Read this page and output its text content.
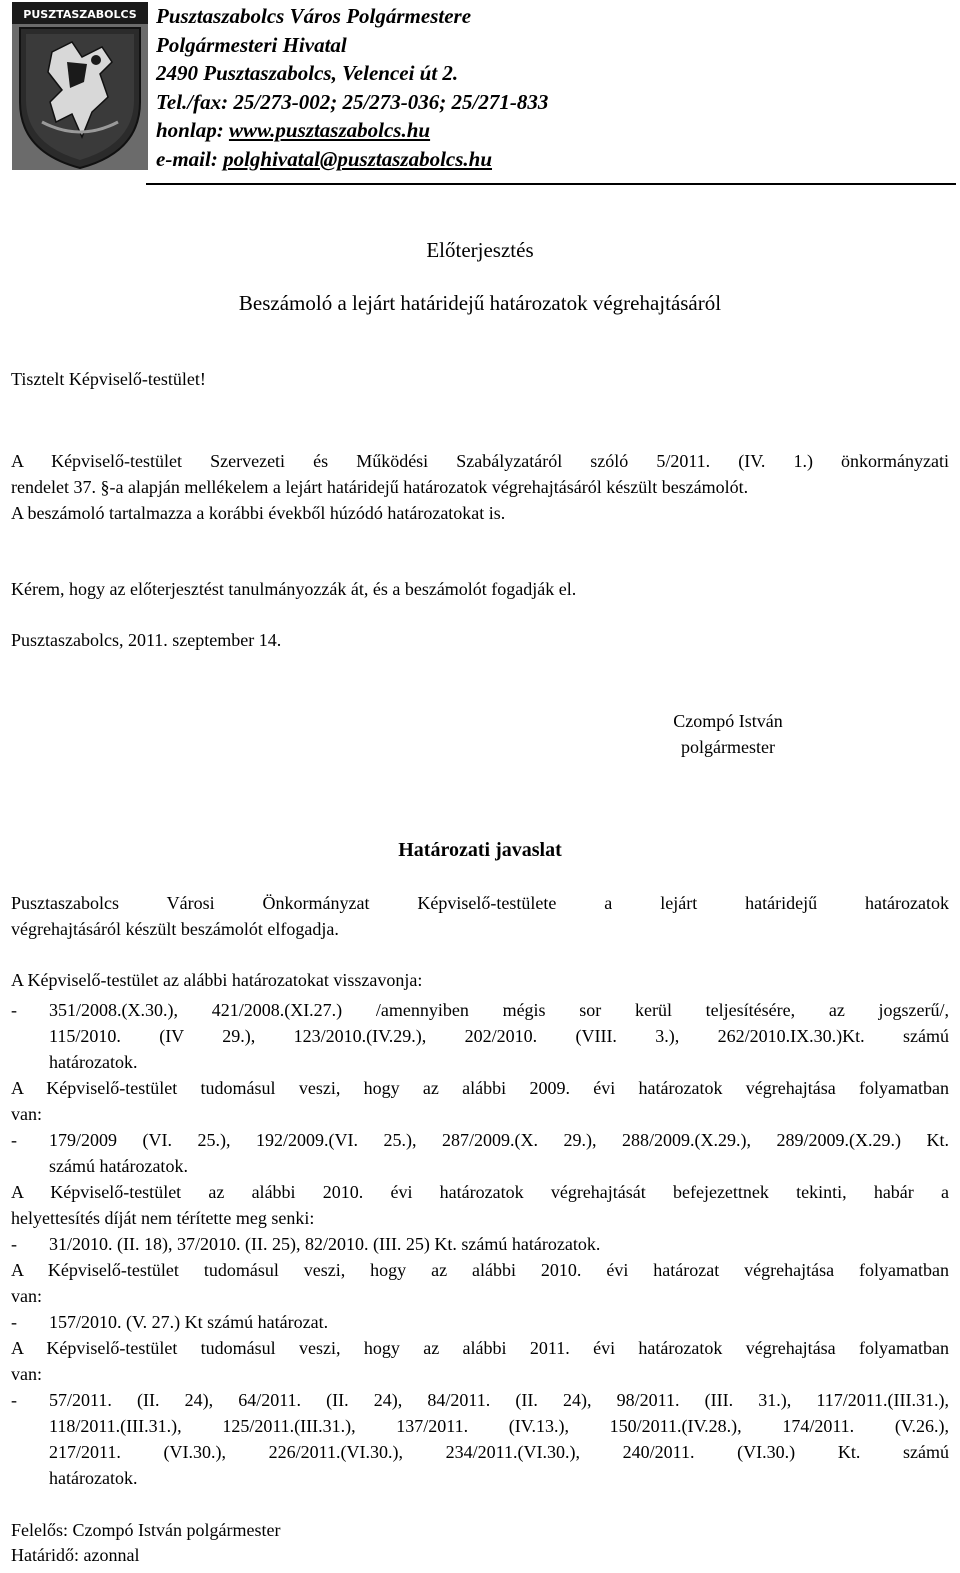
PUSZTASZABOLCS Pusztaszabolcs Város Polgármestere
Polgármesteri Hivatal
2490 Pusztaszabolcs, Velencei út 2.
Tel./fax: 25/273-002; 25/273-036; 25/271-833
honlap: www.pusztaszabolcs.hu
e-mail: polghivatal@pusztaszabolcs.hu
Előterjesztés
Beszámoló a lejárt határidejű határozatok végrehajtásáról
Tisztelt Képviselő-testület!
A Képviselő-testület Szervezeti és Működési Szabályzatáról szóló 5/2011. (IV. 1.) önkormányzati
rendelet 37. §-a alapján mellékelem a lejárt határidejű határozatok végrehajtásáról készült beszámolót.
A beszámoló tartalmazza a korábbi évekből húzódó határozatokat is.
Kérem, hogy az előterjesztést tanulmányozzák át, és a beszámolót fogadják el.
Pusztaszabolcs, 2011. szeptember 14.
Czompó István
polgármester
Határozati javaslat
Pusztaszabolcs Városi Önkormányzat Képviselő-testülete a lejárt határidejű határozatok
végrehajtásáról készült beszámolót elfogadja.
A Képviselő-testület az alábbi határozatokat visszavonja:
- 351/2008.(X.30.), 421/2008.(XI.27.) /amennyiben mégis sor kerül teljesítésére, az jogszerű/,
115/2010. (IV 29.), 123/2010.(IV.29.), 202/2010. (VIII. 3.), 262/2010.IX.30.)Kt. számú
határozatok.
A Képviselő-testület tudomásul veszi, hogy az alábbi 2009. évi határozatok végrehajtása folyamatban
van:
- 179/2009 (VI. 25.), 192/2009.(VI. 25.), 287/2009.(X. 29.), 288/2009.(X.29.), 289/2009.(X.29.) Kt.
számú határozatok.
A Képviselő-testület az alábbi 2010. évi határozatok végrehajtását befejezettnek tekinti, habár a
helyettesítés díját nem térítette meg senki:
- 31/2010. (II. 18), 37/2010. (II. 25), 82/2010. (III. 25) Kt. számú határozatok.
A Képviselő-testület tudomásul veszi, hogy az alábbi 2010. évi határozat végrehajtása folyamatban
van:
- 157/2010. (V. 27.) Kt számú határozat.
A Képviselő-testület tudomásul veszi, hogy az alábbi 2011. évi határozatok végrehajtása folyamatban
van:
- 57/2011. (II. 24), 64/2011. (II. 24), 84/2011. (II. 24), 98/2011. (III. 31.), 117/2011.(III.31.),
118/2011.(III.31.), 125/2011.(III.31.), 137/2011. (IV.13.), 150/2011.(IV.28.), 174/2011. (V.26.),
217/2011. (VI.30.), 226/2011.(VI.30.), 234/2011.(VI.30.), 240/2011. (VI.30.) Kt. számú
határozatok.
Felelős: Czompó István polgármester
Határidő: azonnal
